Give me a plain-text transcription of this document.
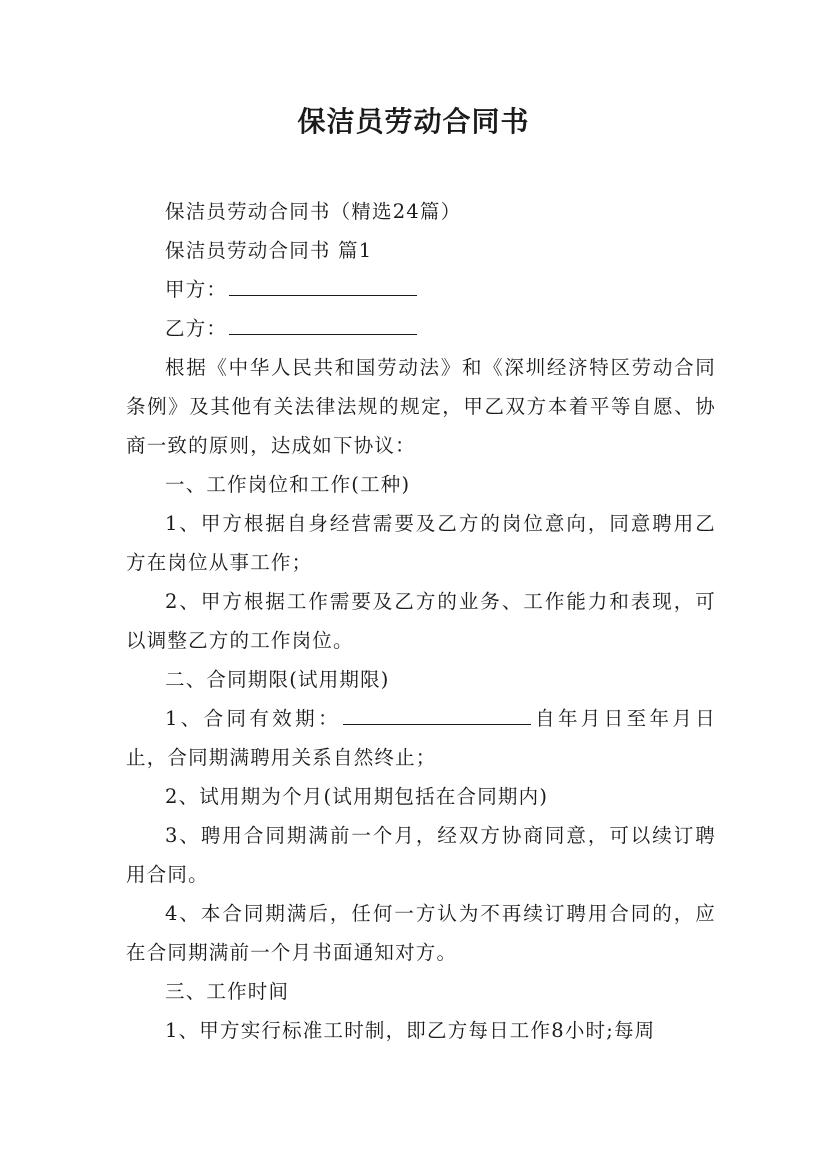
保洁员劳动合同书

保洁员劳动合同书（精选24篇）

保洁员劳动合同书 篇1

甲方：

乙方：

根据《中华人民共和国劳动法》和《深圳经济特区劳动合同条例》及其他有关法律法规的规定，甲乙双方本着平等自愿、协商一致的原则，达成如下协议：

一、工作岗位和工作(工种)

1、甲方根据自身经营需要及乙方的岗位意向，同意聘用乙方在岗位从事工作；

2、甲方根据工作需要及乙方的业务、工作能力和表现，可以调整乙方的工作岗位。

二、合同期限(试用期限)

1、合同有效期：	自年月日至年月日止，合同期满聘用关系自然终止；

2、试用期为个月(试用期包括在合同期内)

3、聘用合同期满前一个月，经双方协商同意，可以续订聘用合同。

4、本合同期满后，任何一方认为不再续订聘用合同的，应在合同期满前一个月书面通知对方。

三、工作时间

1、甲方实行标准工时制，即乙方每日工作8小时;每周
